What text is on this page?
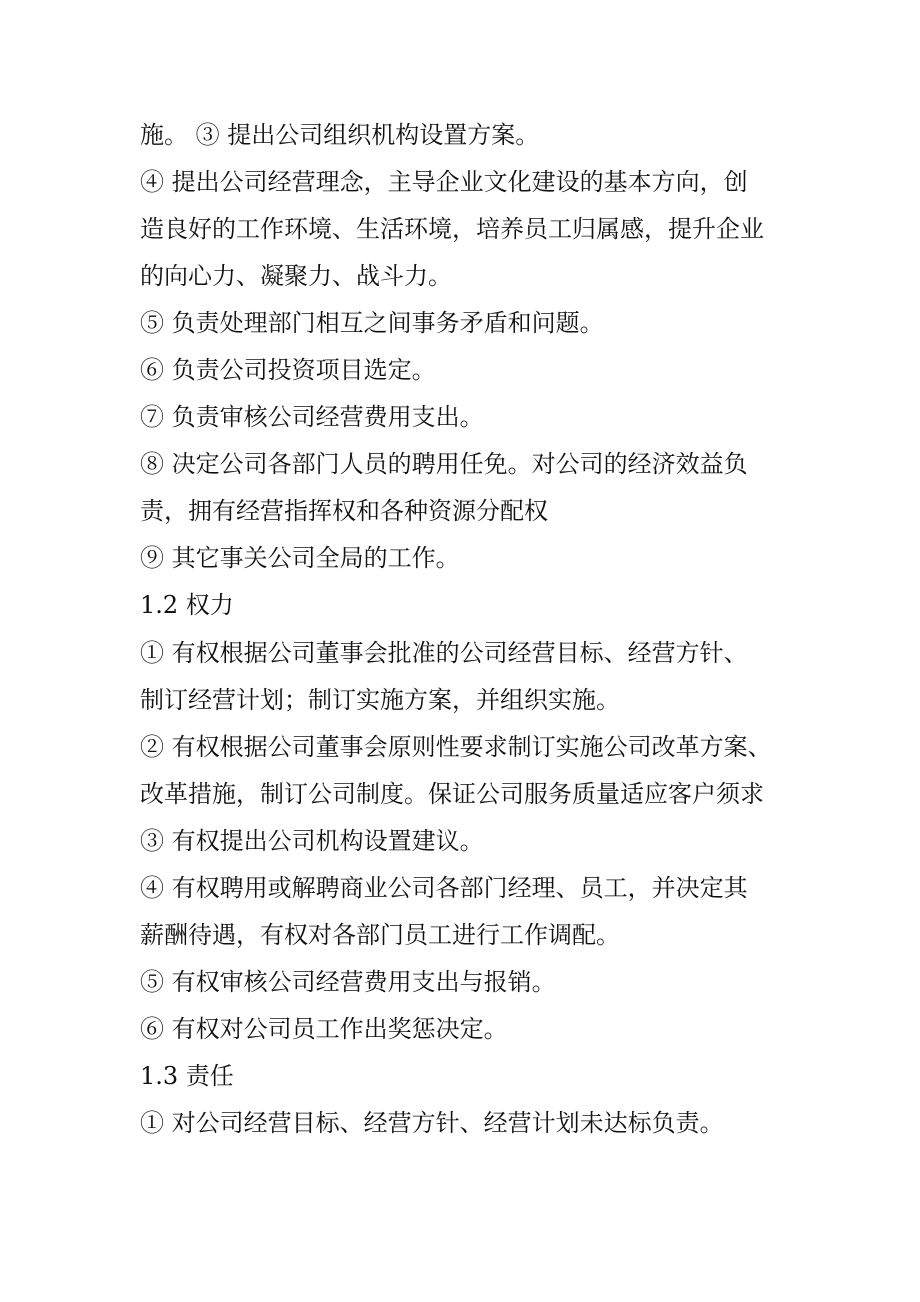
施。 ③ 提出公司组织机构设置方案。
④ 提出公司经营理念，主导企业文化建设的基本方向，创
造良好的工作环境、生活环境，培养员工归属感，提升企业
的向心力、凝聚力、战斗力。
⑤ 负责处理部门相互之间事务矛盾和问题。
⑥ 负责公司投资项目选定。
⑦ 负责审核公司经营费用支出。
⑧ 决定公司各部门人员的聘用任免。对公司的经济效益负
责，拥有经营指挥权和各种资源分配权
⑨ 其它事关公司全局的工作。
1.2 权力
① 有权根据公司董事会批准的公司经营目标、经营方针、
制订经营计划；制订实施方案，并组织实施。
② 有权根据公司董事会原则性要求制订实施公司改革方案、
改革措施，制订公司制度。保证公司服务质量适应客户须求
③ 有权提出公司机构设置建议。
④ 有权聘用或解聘商业公司各部门经理、员工，并决定其
薪酬待遇，有权对各部门员工进行工作调配。
⑤ 有权审核公司经营费用支出与报销。
⑥ 有权对公司员工作出奖惩决定。
1.3 责任
① 对公司经营目标、经营方针、经营计划未达标负责。
